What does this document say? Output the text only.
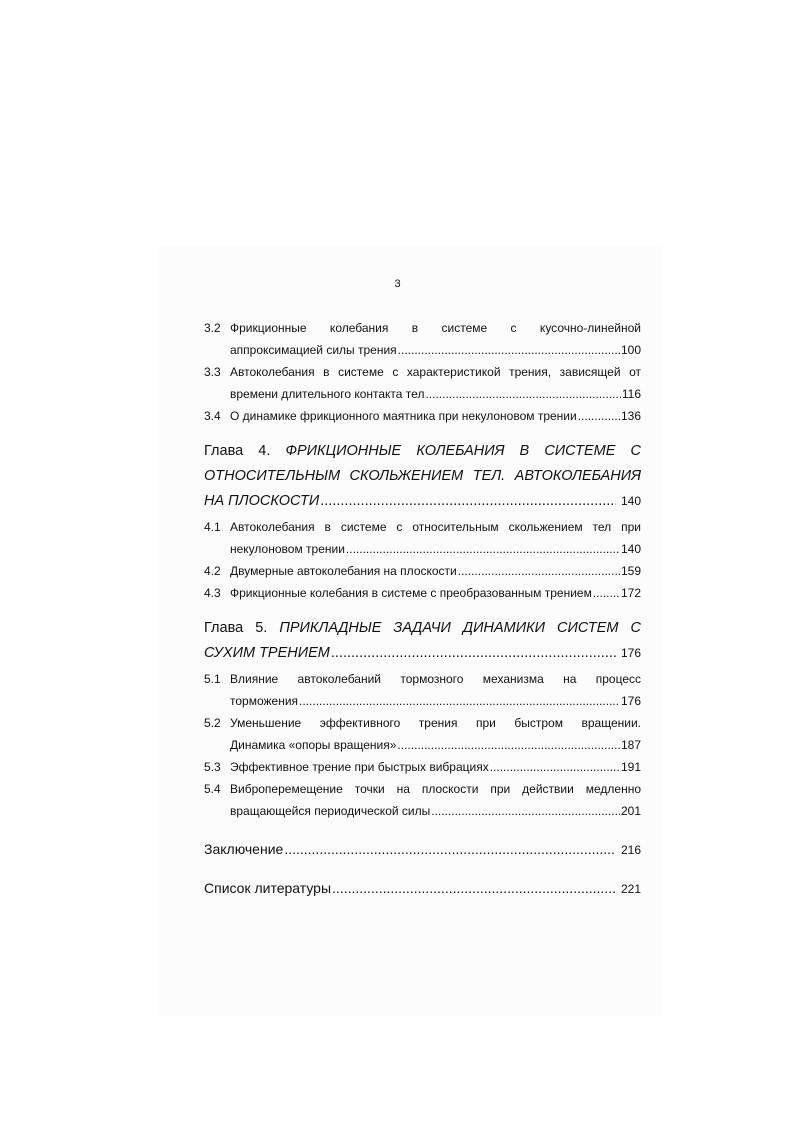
3
3.2 Фрикционные колебания в системе с кусочно-линейной
аппроксимацией силы трения .....	100
3.3 Автоколебания в системе с характеристикой трения, зависящей от
времени длительного контакта тел .....	116
3.4 О динамике фрикционного маятника при некулоновом трении .....	136
Глава 4. ФРИКЦИОННЫЕ КОЛЕБАНИЯ В СИСТЕМЕ С
ОТНОСИТЕЛЬНЫМ СКОЛЬЖЕНИЕМ ТЕЛ. АВТОКОЛЕБАНИЯ
НА ПЛОСКОСТИ .....	140
4.1 Автоколебания в системе с относительным скольжением тел при
некулоновом трении .....	140
4.2 Двумерные автоколебания на плоскости .....	159
4.3 Фрикционные колебания в системе с преобразованным трением ..... 172
Глава 5. ПРИКЛАДНЫЕ ЗАДАЧИ ДИНАМИКИ СИСТЕМ С
СУХИМ ТРЕНИЕМ .....	176
5.1 Влияние автоколебаний тормозного механизма на процесс
торможения .....	176
5.2 Уменьшение эффективного трения при быстром вращении.
Динамика «опоры вращения» .....	187
5.3 Эффективное трение при быстрых вибрациях .....	191
5.4 Виброперемещение точки на плоскости при действии медленно
вращающейся периодической силы .....	201
Заключение .....	216
Список литературы .....	221
